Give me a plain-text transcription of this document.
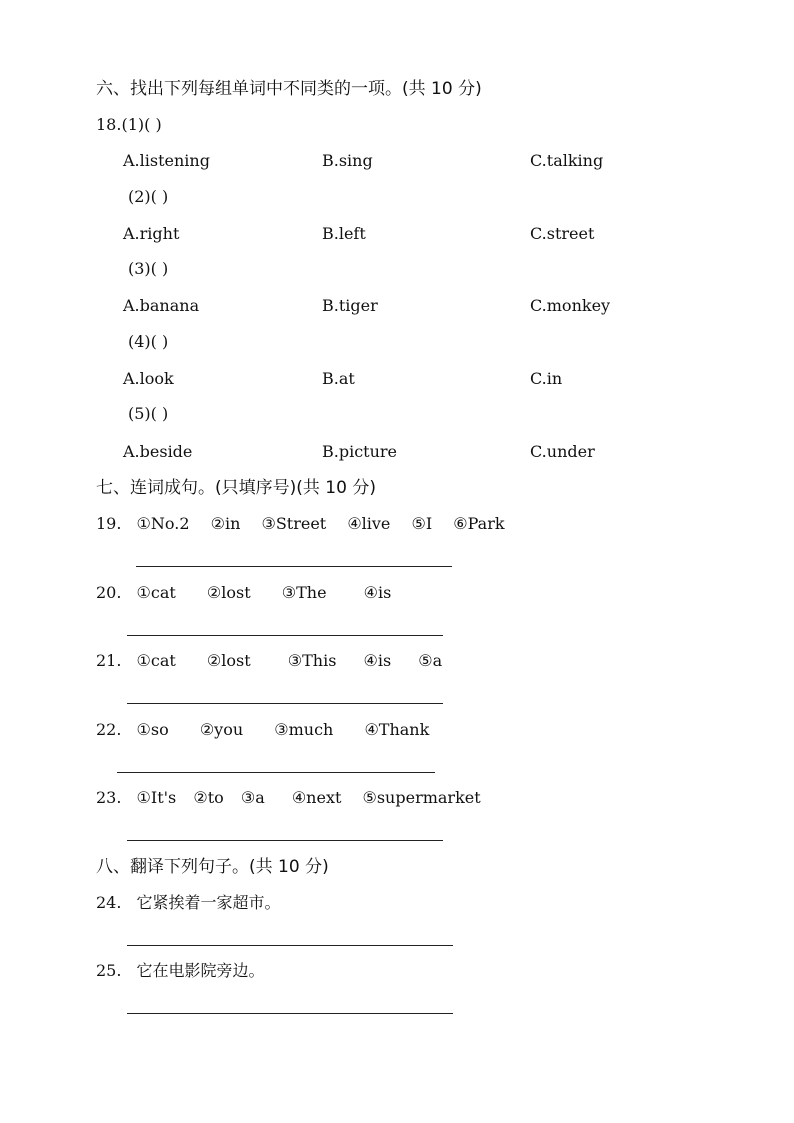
六、找出下列每组单词中不同类的一项。(共 10 分)
18.(1)( )
A.listening	B.sing	C.talking
(2)( )
A.right	B.left	C.street
(3)( )
A.banana	B.tiger	C.monkey
(4)( )
A.look	B.at	C.in
(5)( )
A.beside	B.picture	C.under
七、连词成句。(只填序号)(共 10 分)
19. ①No.2 ②in ③Street ④live ⑤I ⑥Park
20. ①cat ②lost ③The ④is
21. ①cat ②lost ③This ④is ⑤a
22. ①so ②you ③much ④Thank
23. ①It's ②to ③a ④next ⑤supermarket
八、翻译下列句子。(共 10 分)
24. 它紧挨着一家超市。
25. 它在电影院旁边。
